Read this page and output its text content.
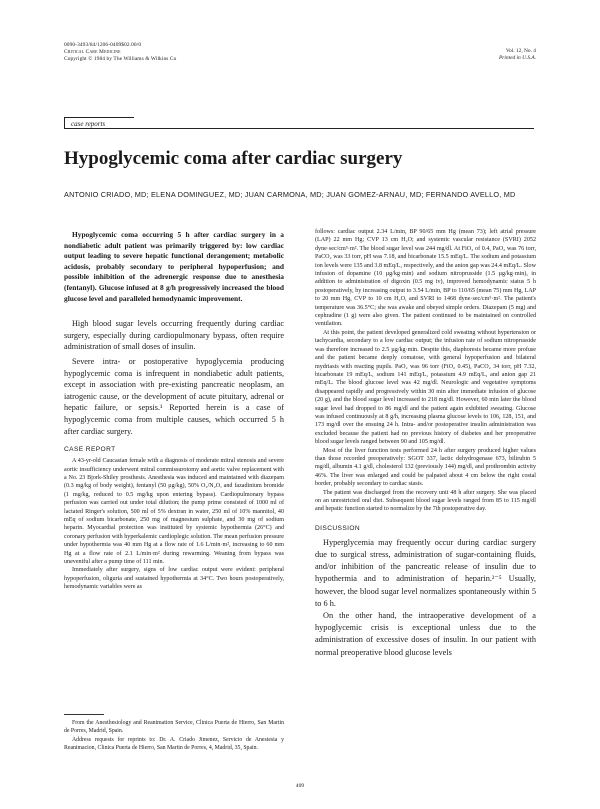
0090-3493/84/1206-0409$02.00/0
Critical Care Medicine
Copyright © 1984 by The Williams & Wilkins Co
Vol. 12, No. 4
Printed in U.S.A.
case reports
Hypoglycemic coma after cardiac surgery
ANTONIO CRIADO, MD; ELENA DOMINGUEZ, MD; JUAN CARMONA, MD; JUAN GOMEZ-ARNAU, MD; FERNANDO AVELLO, MD

Hypoglycemic coma occurring 5 h after cardiac surgery in a nondiabetic adult patient was primarily triggered by: low cardiac output leading to severe hepatic functional derangement; metabolic acidosis, probably secondary to peripheral hypoperfusion; and possible inhibition of the adrenergic response due to anesthesia (fentanyl). Glucose infused at 8 g/h progressively increased the blood glucose level and paralleled hemodynamic improvement.

High blood sugar levels occurring frequently during cardiac surgery, especially during cardiopulmonary bypass, often require administration of small doses of insulin.

Severe intra- or postoperative hypoglycemia producing hypoglycemic coma is infrequent in nondiabetic adult patients, except in association with pre-existing pancreatic neoplasm, an iatrogenic cause, or the development of acute pituitary, adrenal or hepatic failure, or sepsis.¹ Reported herein is a case of hypoglycemic coma from multiple causes, which occurred 5 h after cardiac surgery.

CASE REPORT

A 43-yr-old Caucasian female with a diagnosis of moderate mitral stenosis and severe aortic insufficiency underwent mitral commissurotomy and aortic valve replacement with a No. 23 Bjork-Shiley prosthesis. Anesthesia was induced and maintained with diazepam (0.3 mg/kg of body weight), fentanyl (50 µg/kg), 50% O₂/N₂O, and fazadinium bromide (1 mg/kg, reduced to 0.5 mg/kg upon entering bypass). Cardiopulmonary bypass perfusion was carried out under total dilution; the pump prime consisted of 1000 ml of lactated Ringer's solution, 500 ml of 5% dextran in water, 250 ml of 10% mannitol, 40 mEq of sodium bicarbonate, 250 mg of magnesium sulphate, and 30 mg of sodium heparin. Myocardial protection was instituted by systemic hypothermia (26°C) and coronary perfusion with hyperkalemic cardioplegic solution. The mean perfusion pressure under hypothermia was 40 mm Hg at a flow rate of 1.6 L/min·m², increasing to 60 mm Hg at a flow rate of 2.1 L/min·m² during rewarming. Weaning from bypass was uneventful after a pump time of 111 min.

Immediately after surgery, signs of low cardiac output were evident: peripheral hypoperfusion, oliguria and sustained hypothermia at 34°C. Two hours postoperatively, hemodynamic variables were as

From the Anesthesiology and Reanimation Service, Clinica Puerta de Hierro, San Martin de Porres, Madrid, Spain.

Address requests for reprints to: Dr. A. Criado Jimenez, Servicio de Anestesia y Reanimacion, Clinica Puerta de Hierro, San Martin de Porres, 4, Madrid, 35, Spain.

follows: cardiac output 2.34 L/min, BP 90/65 mm Hg (mean 73); left atrial pressure (LAP) 22 mm Hg; CVP 13 cm H₂O; and systemic vascular resistance (SVRI) 2052 dyne·sec/cm⁵·m². The blood sugar level was 244 mg/dl. At FiO₂ of 0.4, PaO₂ was 76 torr, PaCO₂ was 33 torr, pH was 7.18, and bicarbonate 15.5 mEq/L. The sodium and potassium ion levels were 135 and 3.8 mEq/L, respectively, and the anion gap was 24.4 mEq/L. Slow infusion of dopamine (10 µg/kg·min) and sodium nitroprusside (1.5 µg/kg·min), in addition to administration of digoxin (0.5 mg iv), improved hemodynamic status 5 h postoperatively, by increasing output to 3.54 L/min, BP to 110/65 (mean 75) mm Hg, LAP to 20 mm Hg, CVP to 10 cm H₂O, and SVRI to 1468 dyne·sec/cm⁵·m². The patient's temperature was 36.5°C; she was awake and obeyed simple orders. Diazepam (5 mg) and cephradine (1 g) were also given. The patient continued to be maintained on controlled ventilation.

At this point, the patient developed generalized cold sweating without hypertension or tachycardia, secondary to a low cardiac output; the infusion rate of sodium nitroprusside was therefore increased to 2.5 µg/kg·min. Despite this, diaphoresis became more profuse and the patient became deeply comatose, with general hypoperfusion and bilateral mydriasis with reacting pupils. PaO₂ was 96 torr (FiO₂ 0.45), PaCO₂ 34 torr, pH 7.32, bicarbonate 19 mEq/L, sodium 141 mEq/L, potassium 4.9 mEq/L, and anion gap 21 mEq/L. The blood glucose level was 42 mg/dl. Neurologic and vegetative symptoms disappeared rapidly and progressively within 30 min after immediate infusion of glucose (20 g), and the blood sugar level increased to 218 mg/dl. However, 60 min later the blood sugar level had dropped to 86 mg/dl and the patient again exhibited sweating. Glucose was infused continuously at 8 g/h, increasing plasma glucose levels to 106, 128, 151, and 173 mg/dl over the ensuing 24 h. Intra- and/or postoperative insulin administration was excluded because the patient had no previous history of diabetes and her preoperative blood sugar levels ranged between 90 and 105 mg/dl.

Most of the liver function tests performed 24 h after surgery produced higher values than those recorded preoperatively: SGOT 337, lactic dehydrogenase 673, bilirubin 5 mg/dl, albumin 4.1 g/dl, cholesterol 132 (previously 144) mg/dl, and prothrombin activity 46%. The liver was enlarged and could be palpated about 4 cm below the right costal border, probably secondary to cardiac stasis.

The patient was discharged from the recovery unit 48 h after surgery. She was placed on an unrestricted oral diet. Subsequent blood sugar levels ranged from 85 to 115 mg/dl and hepatic function started to normalize by the 7th postoperative day.

DISCUSSION

Hyperglycemia may frequently occur during cardiac surgery due to surgical stress, administration of sugar-containing fluids, and/or inhibition of the pancreatic release of insulin due to hypothermia and to administration of heparin.²⁻⁵ Usually, however, the blood sugar level normalizes spontaneously within 5 to 6 h.

On the other hand, the intraoperative development of a hypoglycemic crisis is exceptional unless due to the administration of excessive doses of insulin. In our patient with normal preoperative blood glucose levels

409
